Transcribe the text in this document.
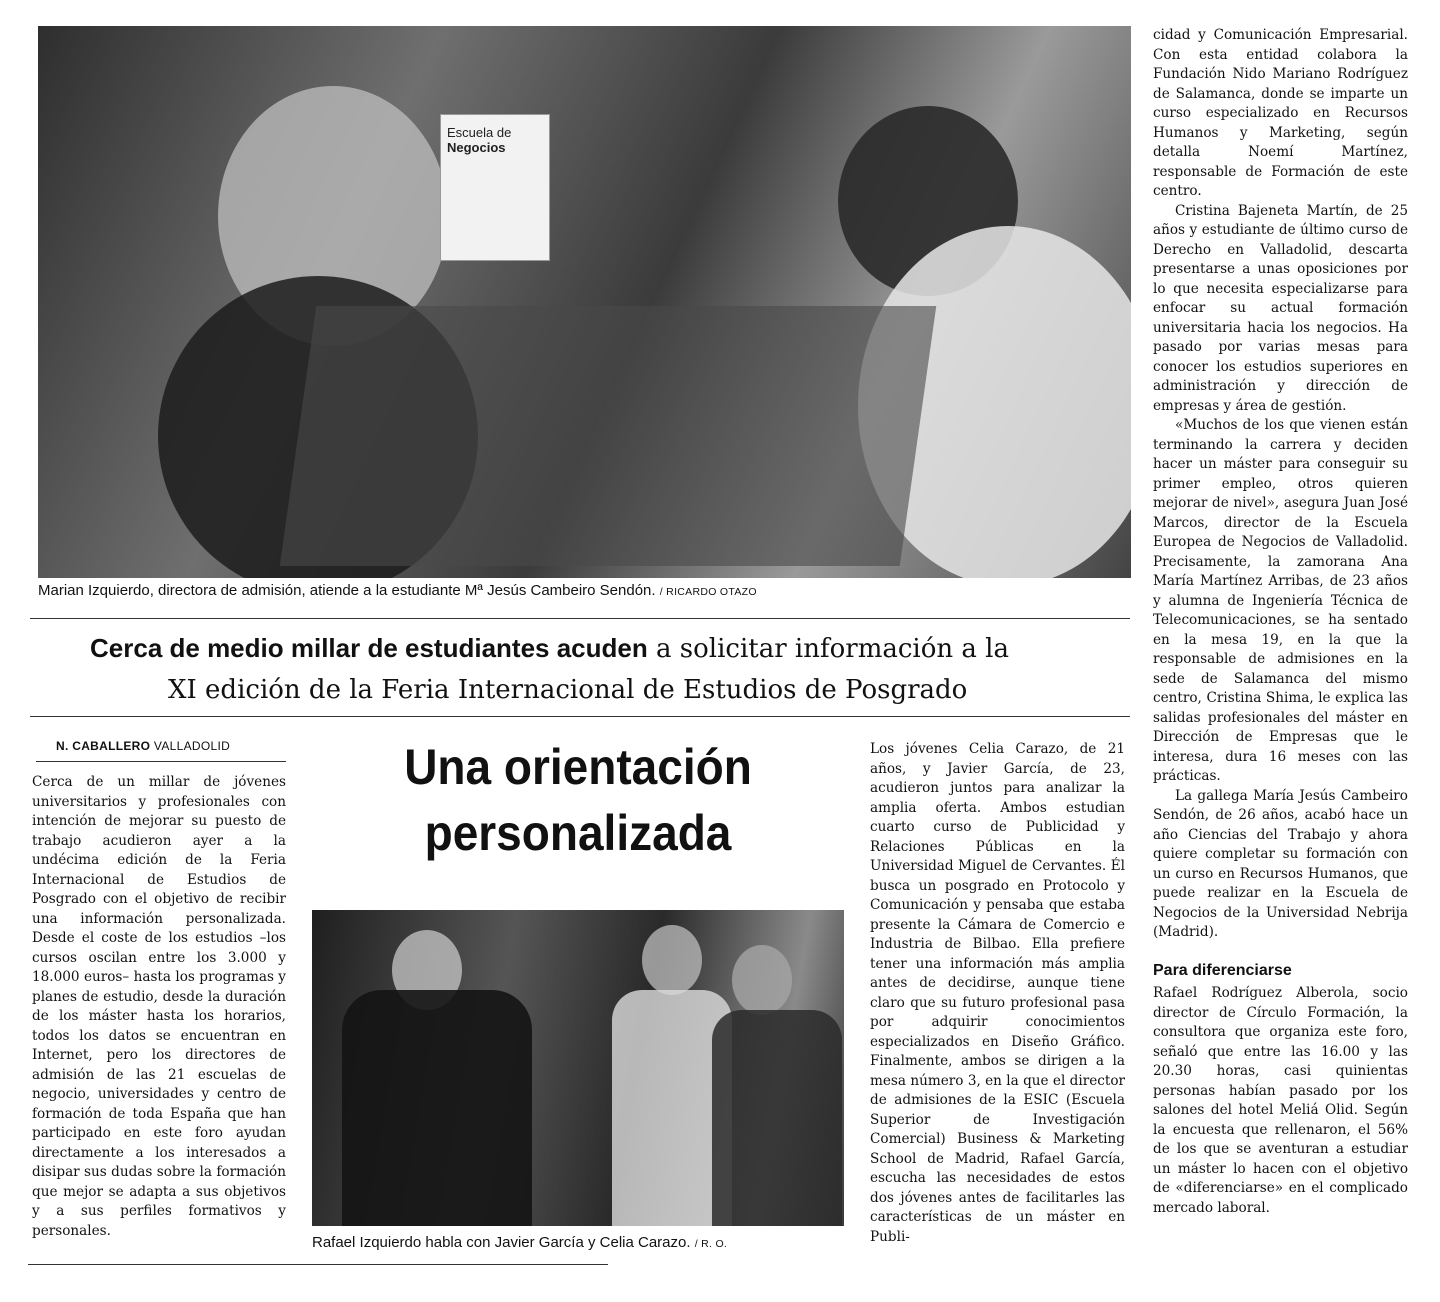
Escuela de
Negocios
Marian Izquierdo, directora de admisión, atiende a la estudiante Mª Jesús Cambeiro Sendón. / RICARDO OTAZO
Cerca de medio millar de estudiantes acuden a solicitar información a la
XI edición de la Feria Internacional de Estudios de Posgrado
N. CABALLERO VALLADOLID	Una orientación
personalizada
Rafael Izquierdo habla con Javier García y Celia Carazo. / R. O.

Cerca de un millar de jóvenes universitarios y profesionales con intención de mejorar su puesto de trabajo acudieron ayer a la undécima edición de la Feria Internacional de Estudios de Posgrado con el objetivo de recibir una información personalizada. Desde el coste de los estudios –los cursos oscilan entre los 3.000 y 18.000 euros– hasta los programas y planes de estudio, desde la duración de los máster hasta los horarios, todos los datos se encuentran en Internet, pero los directores de admisión de las 21 escuelas de negocio, universidades y centro de formación de toda España que han participado en este foro ayudan directamente a los interesados a disipar sus dudas sobre la formación que mejor se adapta a sus objetivos y a sus perfiles formativos y personales.

Los jóvenes Celia Carazo, de 21 años, y Javier García, de 23, acudieron juntos para analizar la amplia oferta. Ambos estudian cuarto curso de Publicidad y Relaciones Públicas en la Universidad Miguel de Cervantes. Él busca un posgrado en Protocolo y Comunicación y pensaba que estaba presente la Cámara de Comercio e Industria de Bilbao. Ella prefiere tener una información más amplia antes de decidirse, aunque tiene claro que su futuro profesional pasa por adquirir conocimientos especializados en Diseño Gráfico. Finalmente, ambos se dirigen a la mesa número 3, en la que el director de admisiones de la ESIC (Escuela Superior de Investigación Comercial) Business & Marketing School de Madrid, Rafael García, escucha las necesidades de estos dos jóvenes antes de facilitarles las características de un máster en Publi-

cidad y Comunicación Empresarial. Con esta entidad colabora la Fundación Nido Mariano Rodríguez de Salamanca, donde se imparte un curso especializado en Recursos Humanos y Marketing, según detalla Noemí Martínez, responsable de Formación de este centro.

Cristina Bajeneta Martín, de 25 años y estudiante de último curso de Derecho en Valladolid, descarta presentarse a unas oposiciones por lo que necesita especializarse para enfocar su actual formación universitaria hacia los negocios. Ha pasado por varias mesas para conocer los estudios superiores en administración y dirección de empresas y área de gestión.

«Muchos de los que vienen están terminando la carrera y deciden hacer un máster para conseguir su primer empleo, otros quieren mejorar de nivel», asegura Juan José Marcos, director de la Escuela Europea de Negocios de Valladolid. Precisamente, la zamorana Ana María Martínez Arribas, de 23 años y alumna de Ingeniería Técnica de Telecomunicaciones, se ha sentado en la mesa 19, en la que la responsable de admisiones en la sede de Salamanca del mismo centro, Cristina Shima, le explica las salidas profesionales del máster en Dirección de Empresas que le interesa, dura 16 meses con las prácticas.

La gallega María Jesús Cambeiro Sendón, de 26 años, acabó hace un año Ciencias del Trabajo y ahora quiere completar su formación con un curso en Recursos Humanos, que puede realizar en la Escuela de Negocios de la Universidad Nebrija (Madrid).

Para diferenciarse

Rafael Rodríguez Alberola, socio director de Círculo Formación, la consultora que organiza este foro, señaló que entre las 16.00 y las 20.30 horas, casi quinientas personas habían pasado por los salones del hotel Meliá Olid. Según la encuesta que rellenaron, el 56% de los que se aventuran a estudiar un máster lo hacen con el objetivo de «diferenciarse» en el complicado mercado laboral.
